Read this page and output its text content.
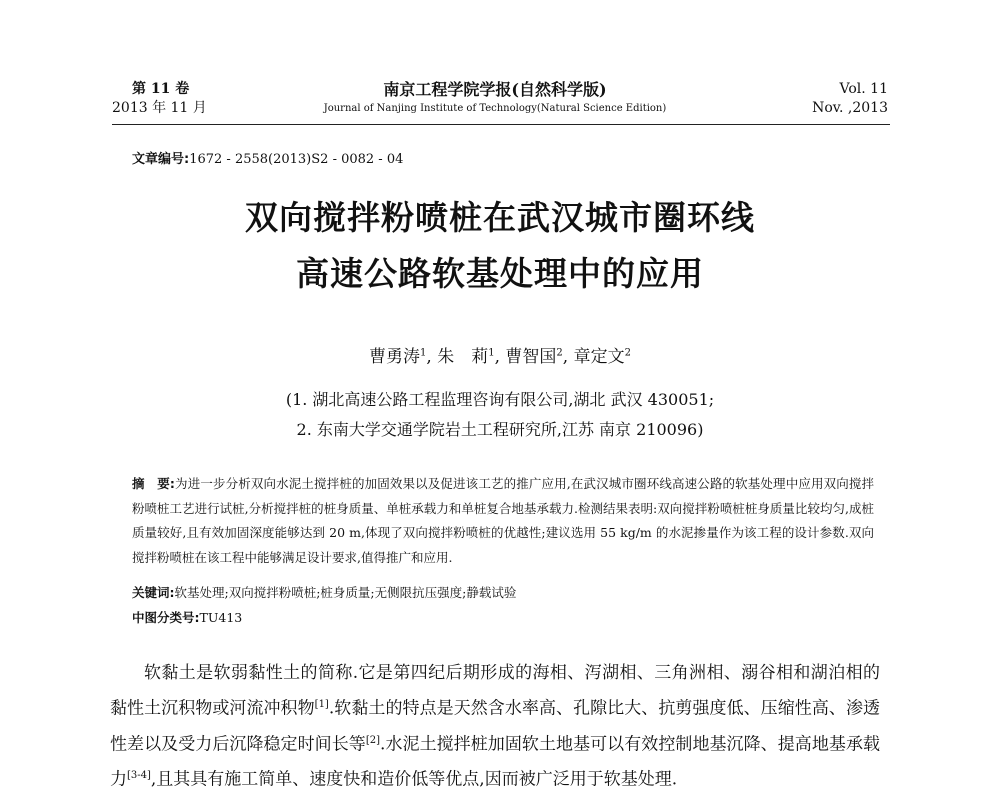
第 11 卷
2013 年 11 月
南京工程学院学报(自然科学版)
Journal of Nanjing Institute of Technology(Natural Science Edition)
Vol. 11
Nov. ,2013
文章编号:1672 - 2558(2013)S2 - 0082 - 04
双向搅拌粉喷桩在武汉城市圈环线
高速公路软基处理中的应用
曹勇涛$^1$, 朱　莉$^1$, 曹智国$^2$, 章定文$^2$
(1. 湖北高速公路工程监理咨询有限公司,湖北 武汉 430051;
2. 东南大学交通学院岩土工程研究所,江苏 南京 210096)
摘　要:为进一步分析双向水泥土搅拌桩的加固效果以及促进该工艺的推广应用,在武汉城市圈环线高速公路的软基处理中应用双向搅拌粉喷桩工艺进行试桩,分析搅拌桩的桩身质量、单桩承载力和单桩复合地基承载力.检测结果表明:双向搅拌粉喷桩桩身质量比较均匀,成桩质量较好,且有效加固深度能够达到 20 m,体现了双向搅拌粉喷桩的优越性;建议选用 55 kg/m 的水泥掺量作为该工程的设计参数.双向搅拌粉喷桩在该工程中能够满足设计要求,值得推广和应用.
关键词:软基处理;双向搅拌粉喷桩;桩身质量;无侧限抗压强度;静载试验
中图分类号:TU413

软黏土是软弱黏性土的简称.它是第四纪后期形成的海相、泻湖相、三角洲相、溺谷相和湖泊相的黏性土沉积物或河流冲积物[1].软黏土的特点是天然含水率高、孔隙比大、抗剪强度低、压缩性高、渗透性差以及受力后沉降稳定时间长等[2].水泥土搅拌桩加固软土地基可以有效控制地基沉降、提高地基承载力[3-4],且其具有施工简单、速度快和造价低等优点,因而被广泛用于软基处理.
